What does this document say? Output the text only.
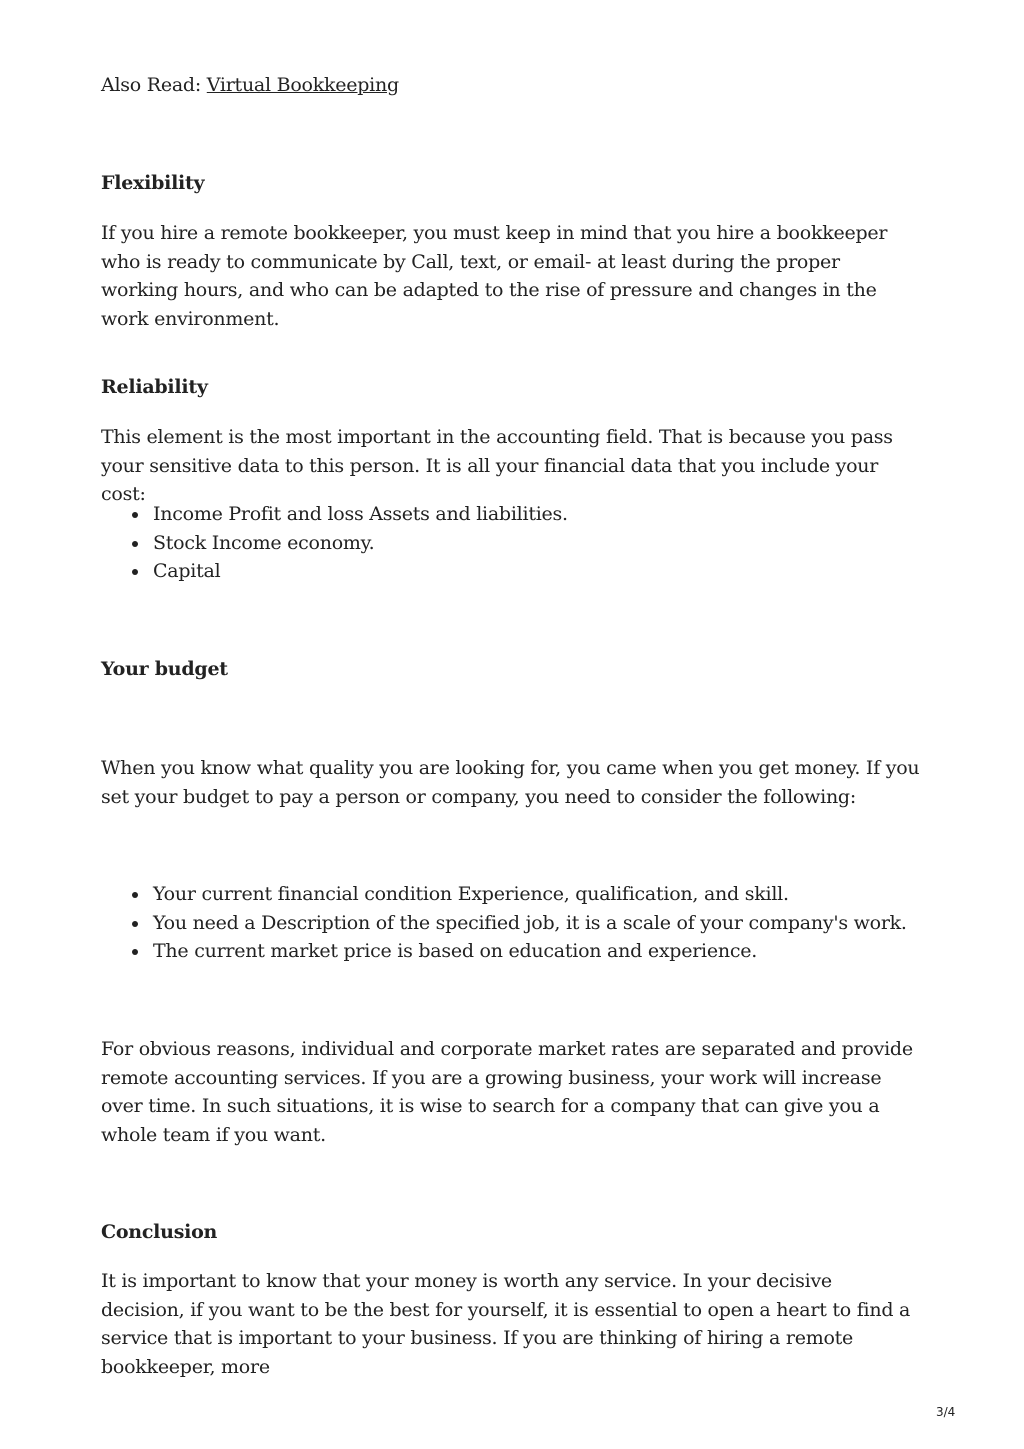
Also Read: Virtual Bookkeeping
Flexibility
If you hire a remote bookkeeper, you must keep in mind that you hire a bookkeeper who is ready to communicate by Call, text, or email- at least during the proper working hours, and who can be adapted to the rise of pressure and changes in the work environment.
Reliability
This element is the most important in the accounting field. That is because you pass your sensitive data to this person. It is all your financial data that you include your cost:
Income Profit and loss Assets and liabilities.
Stock Income economy.
Capital
Your budget
When you know what quality you are looking for, you came when you get money. If you set your budget to pay a person or company, you need to consider the following:
Your current financial condition Experience, qualification, and skill.
You need a Description of the specified job, it is a scale of your company's work.
The current market price is based on education and experience.
For obvious reasons, individual and corporate market rates are separated and provide remote accounting services. If you are a growing business, your work will increase over time. In such situations, it is wise to search for a company that can give you a whole team if you want.
Conclusion
It is important to know that your money is worth any service. In your decisive decision, if you want to be the best for yourself, it is essential to open a heart to find a service that is important to your business. If you are thinking of hiring a remote bookkeeper, more
3/4
